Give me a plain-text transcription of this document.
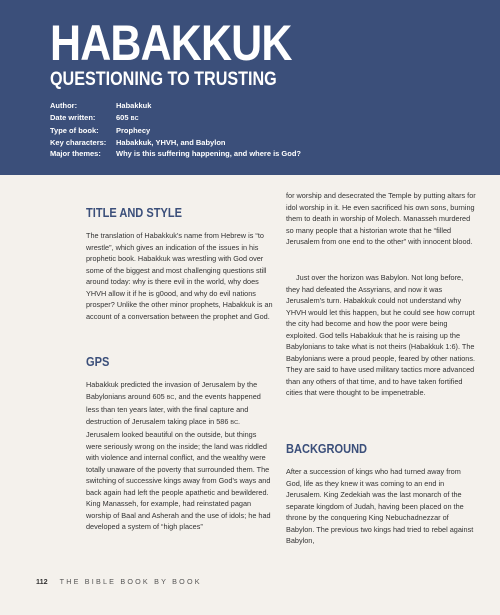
HABAKKUK
QUESTIONING TO TRUSTING
Author:	Habakkuk
Date written:	605 BC
Type of book:	Prophecy
Key characters:	Habakkuk, YHVH, and Babylon
Major themes:	Why is this suffering happening, and where is God?
TITLE AND STYLE

The translation of Habakkuk’s name from Hebrew is “to wrestle”, which gives an indication of the issues in his prophetic book. Habakkuk was wrestling with God over some of the biggest and most challenging questions still around today: why is there evil in the world, why does YHVH allow it if he is g0ood, and why do evil nations prosper? Unlike the other minor prophets, Habakkuk is an account of a conversation between the prophet and God.

GPS

Habakkuk predicted the invasion of Jerusalem by the Babylonians around 605 BC, and the events happened less than ten years later, with the final capture and destruction of Jerusalem taking place in 586 BC. Jerusalem looked beautiful on the outside, but things were seriously wrong on the inside; the land was riddled with violence and internal conflict, and the wealthy were totally unaware of the poverty that surrounded them. The switching of successive kings away from God’s ways and back again had left the people apathetic and bewildered. King Manasseh, for example, had reinstated pagan worship of Baal and Asherah and the use of idols; he had developed a system of “high places”

for worship and desecrated the Temple by putting altars for idol worship in it. He even sacrificed his own sons, burning them to death in worship of Molech. Manasseh murdered so many people that a historian wrote that he “filled Jerusalem from one end to the other” with innocent blood.

Just over the horizon was Babylon. Not long before, they had defeated the Assyrians, and now it was Jerusalem’s turn. Habakkuk could not understand why YHVH would let this happen, but he could see how corrupt the city had become and how the poor were being exploited. God tells Habakkuk that he is raising up the Babylonians to take what is not theirs (Habakkuk 1:6). The Babylonians were a proud people, feared by other nations. They are said to have used military tactics more advanced than any others of that time, and to have taken fortified cities that were thought to be impenetrable.

BACKGROUND

After a succession of kings who had turned away from God, life as they knew it was coming to an end in Jerusalem. King Zedekiah was the last monarch of the separate kingdom of Judah, having been placed on the throne by the conquering King Nebuchadnezzar of Babylon. The previous two kings had tried to rebel against Babylon,

112 THE BIBLE BOOK BY BOOK
